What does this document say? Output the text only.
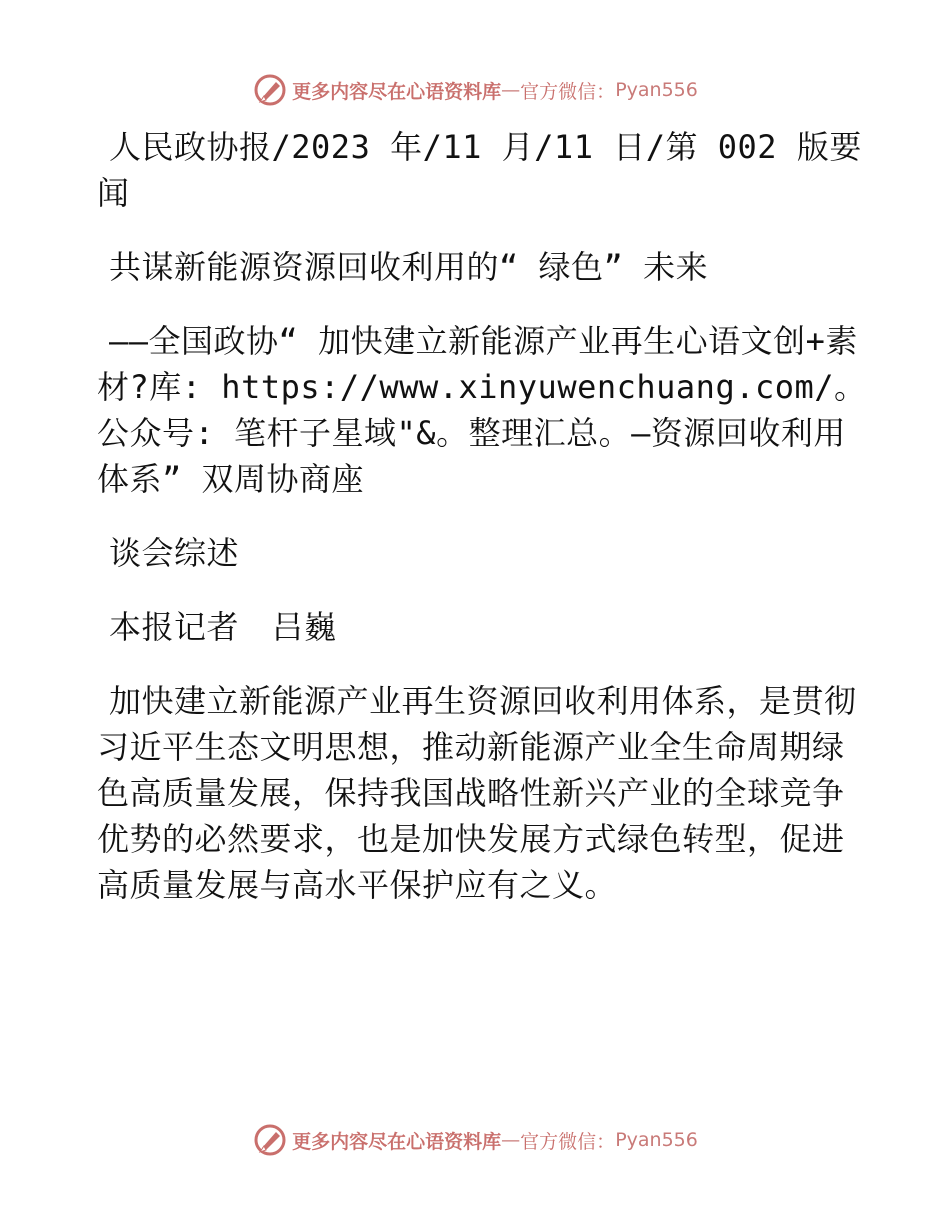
更多内容尽在心语资料库 — 官方微信： Pyan556

人民政协报/2023 年/11 月/11 日/第 002 版要闻

共谋新能源资源回收利用的“ 绿色” 未来

——全国政协“ 加快建立新能源产业再生心语文创+素材?库: https://www.xinyuwenchuang.com/。公众号: 笔杆子星域"&。整理汇总。—资源回收利用体系” 双周协商座

谈会综述

本报记者　吕巍

加快建立新能源产业再生资源回收利用体系，是贯彻习近平生态文明思想，推动新能源产业全生命周期绿色高质量发展，保持我国战略性新兴产业的全球竞争优势的必然要求，也是加快发展方式绿色转型，促进高质量发展与高水平保护应有之义。

更多内容尽在心语资料库 — 官方微信： Pyan556
